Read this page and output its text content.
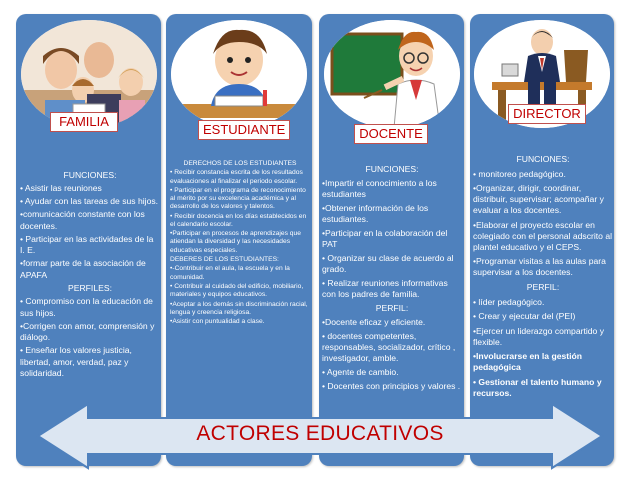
FAMILIA
ESTUDIANTE	DOCENTE
DIRECTOR

FUNCIONES:

• Asistir las reuniones

• Ayudar con las tareas de sus hijos.

•comunicación constante con los docentes.

• Participar en las actividades de la I. E.

•formar parte de la asociación de APAFA

PERFILES:

• Compromiso con la educación de sus hijos.

•Corrigen con amor, comprensión y diálogo.

• Enseñar los valores justicia, libertad, amor, verdad, paz y solidaridad.

DERECHOS DE LOS ESTUDIANTES

• Recibir constancia escrita de los resultados evaluaciones al finalizar el periodo escolar.

• Participar en el programa de reconocimiento al mérito por su excelencia académica y al desarrollo de los valores y talentos.

• Recibir docencia en los días establecidos en el calendario escolar.

•Participar en procesos de aprendizajes que atiendan la diversidad y las necesidades educativas especiales.

DEBERES DE LOS ESTUDIANTES:

•-Contribuir en el aula, la escuela y en la comunidad.

• Contribuir al cuidado del edificio, mobiliario, materiales y equipos educativos.

•Aceptar a los demás sin discriminación racial, lengua y creencia religiosa.

•Asistir con puntualidad a clase.

FUNCIONES:

•Impartir el conocimiento a los estudiantes

•Obtener información de los estudiantes.

•Participar en la colaboración del PAT

• Organizar su clase de acuerdo al grado.

• Realizar reuniones informativas con los padres de familia.

PERFIL:

•Docente eficaz y eficiente.

• docentes competentes, responsables, socializador, crítico , investigador, amble.

• Agente de cambio.

• Docentes con principios y valores .

FUNCIONES:

• monitoreo pedagógico.

•Organizar, dirigir, coordinar, distribuir, supervisar; acompañar y evaluar a los docentes.

•Elaborar el proyecto escolar en colegiado con el personal adscrito al plantel educativo y el CEPS.

•Programar visitas a las aulas para supervisar a los docentes.

PERFIL:

• líder pedagógico.

• Crear y ejecutar del (PEI)

•Ejercer un liderazgo compartido y flexible.

•Involucrarse en la gestión pedagógica

• Gestionar el talento humano y recursos.

ACTORES EDUCATIVOS
